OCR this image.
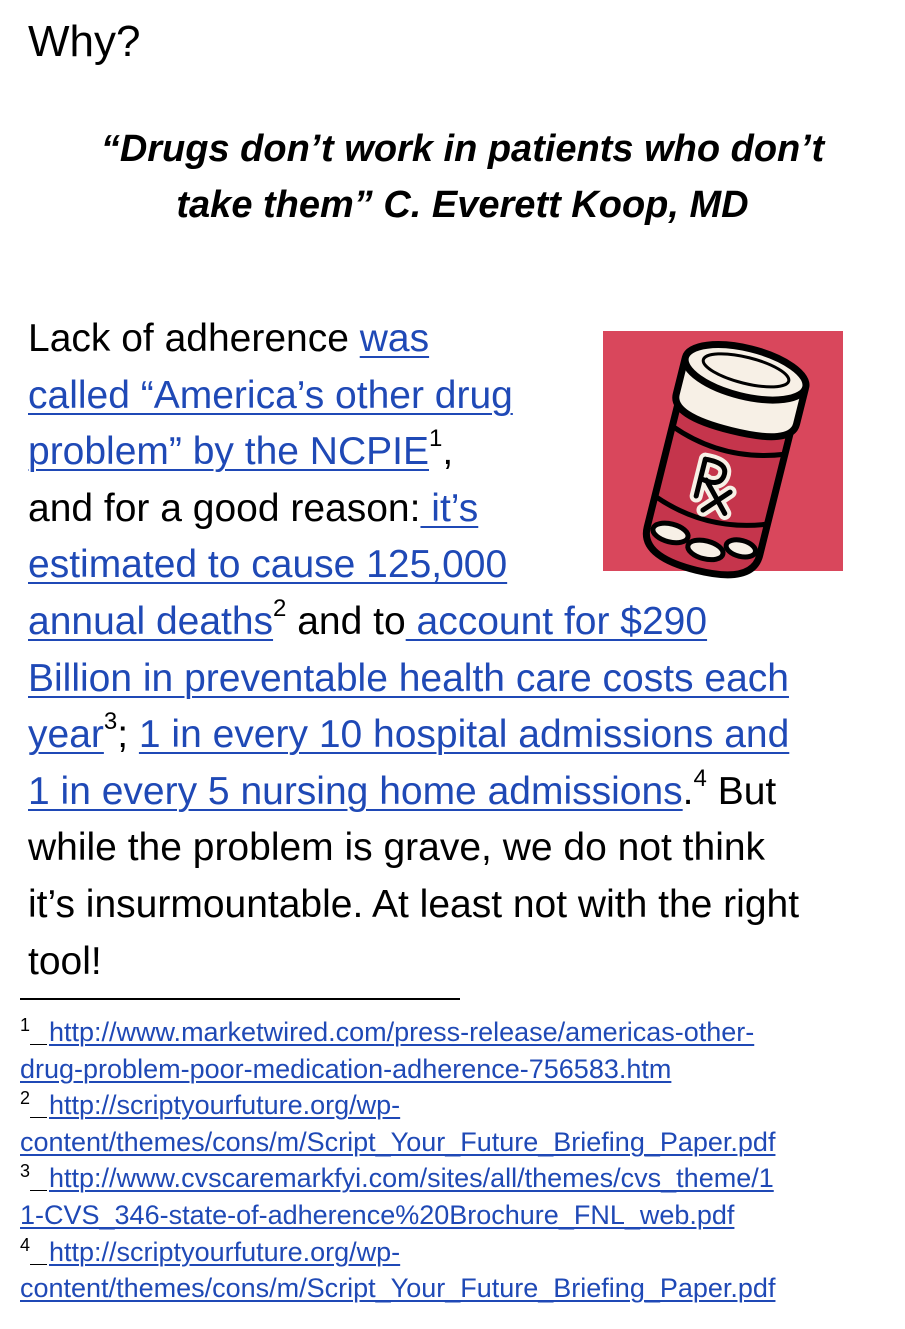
Why?
“Drugs don’t work in patients who don’t
take them” C. Everett Koop, MD
Rx
Lack of adherence was
called “America’s other drug
problem” by the NCPIE$^1$,
and for a good reason: it’s
estimated to cause 125,000
annual deaths$^2$ and to account for $290
Billion in preventable health care costs each
year$^3$; 1 in every 10 hospital admissions and
1 in every 5 nursing home admissions.$^4$ But
while the problem is grave, we do not think
it’s insurmountable. At least not with the right
tool!
$^1$ http://www.marketwired.com/press-release/americas-other-
drug-problem-poor-medication-adherence-756583.htm
$^2$ http://scriptyourfuture.org/wp-
content/themes/cons/m/Script_Your_Future_Briefing_Paper.pdf
$^3$ http://www.cvscaremarkfyi.com/sites/all/themes/cvs_theme/1
1-CVS_346-state-of-adherence%20Brochure_FNL_web.pdf
$^4$ http://scriptyourfuture.org/wp-
content/themes/cons/m/Script_Your_Future_Briefing_Paper.pdf
